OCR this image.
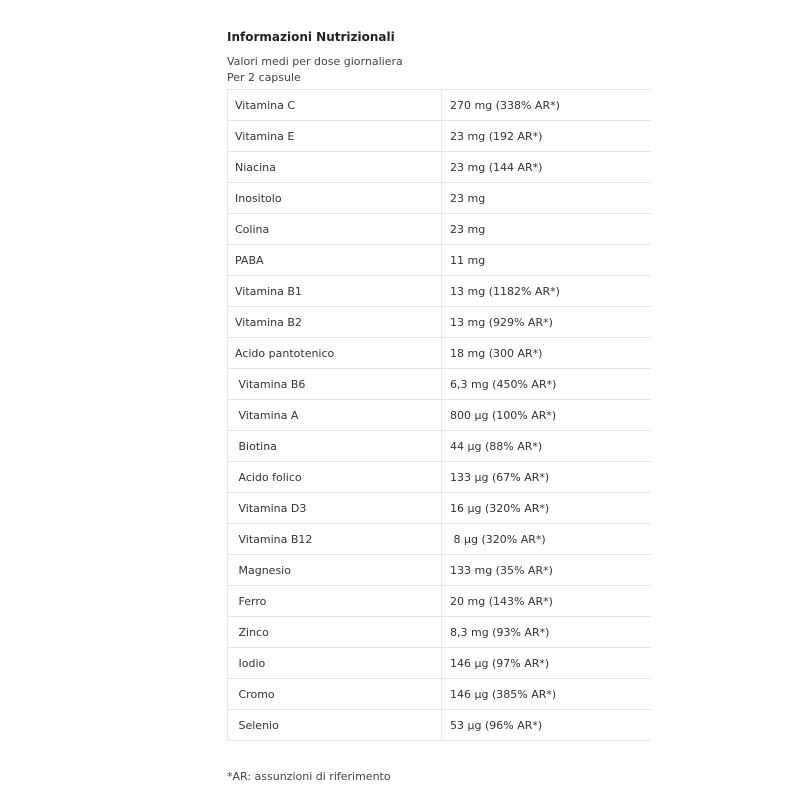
Informazioni Nutrizionali

Valori medi per dose giornaliera

Per 2 capsule

Vitamina C	270 mg (338% AR*)
Vitamina E	23 mg (192 AR*)
Niacina	23 mg (144 AR*)
Inositolo	23 mg
Colina	23 mg
PABA	11 mg
Vitamina B1	13 mg (1182% AR*)
Vitamina B2	13 mg (929% AR*)
Acido pantotenico	18 mg (300 AR*)
Vitamina B6	6,3 mg (450% AR*)
Vitamina A	800 µg (100% AR*)
Biotina	44 µg (88% AR*)
Acido folico	133 µg (67% AR*)
Vitamina D3	16 µg (320% AR*)
Vitamina B12	8 µg (320% AR*)
Magnesio	133 mg (35% AR*)
Ferro	20 mg (143% AR*)
Zinco	8,3 mg (93% AR*)
Iodio	146 µg (97% AR*)
Cromo	146 µg (385% AR*)
Selenio	53 µg (96% AR*)

*AR: assunzioni di riferimento
